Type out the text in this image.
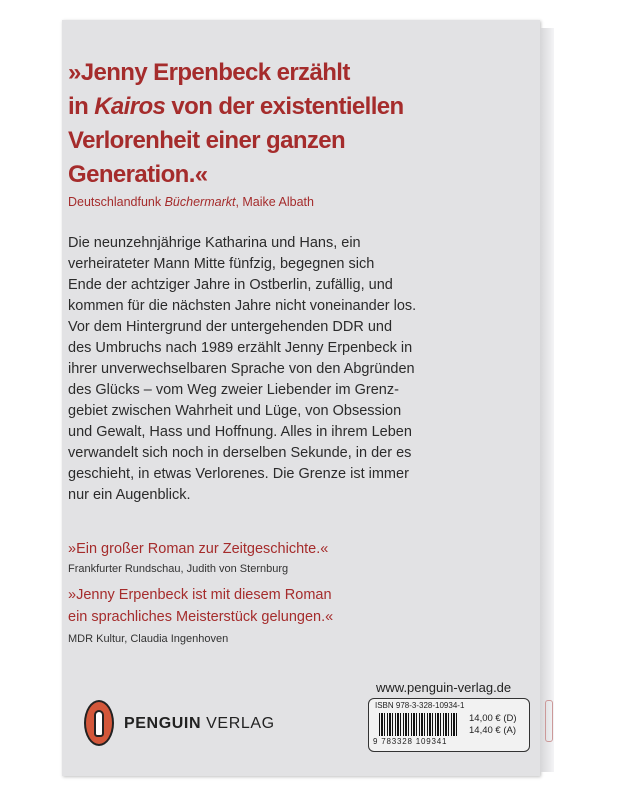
»Jenny Erpenbeck erzählt
in Kairos von der existentiellen
Verlorenheit einer ganzen
Generation.«
Deutschlandfunk Büchermarkt, Maike Albath
Die neunzehnjährige Katharina und Hans, ein
verheirateter Mann Mitte fünfzig, begegnen sich
Ende der achtziger Jahre in Ostberlin, zufällig, und
kommen für die nächsten Jahre nicht voneinander los.
Vor dem Hintergrund der untergehenden DDR und
des Umbruchs nach 1989 erzählt Jenny Erpenbeck in
ihrer unverwechselbaren Sprache von den Abgründen
des Glücks – vom Weg zweier Liebender im Grenz-
gebiet zwischen Wahrheit und Lüge, von Obsession
und Gewalt, Hass und Hoffnung. Alles in ihrem Leben
verwandelt sich noch in derselben Sekunde, in der es
geschieht, in etwas Verlorenes. Die Grenze ist immer
nur ein Augenblick.
»Ein großer Roman zur Zeitgeschichte.«
Frankfurter Rundschau, Judith von Sternburg
»Jenny Erpenbeck ist mit diesem Roman
ein sprachliches Meisterstück gelungen.«
MDR Kultur, Claudia Ingenhoven
www.penguin-verlag.de
ISBN 978-3-328-10934-1
9 783328 109341
14,00 € (D)
14,40 € (A)
PENGUIN VERLAG
